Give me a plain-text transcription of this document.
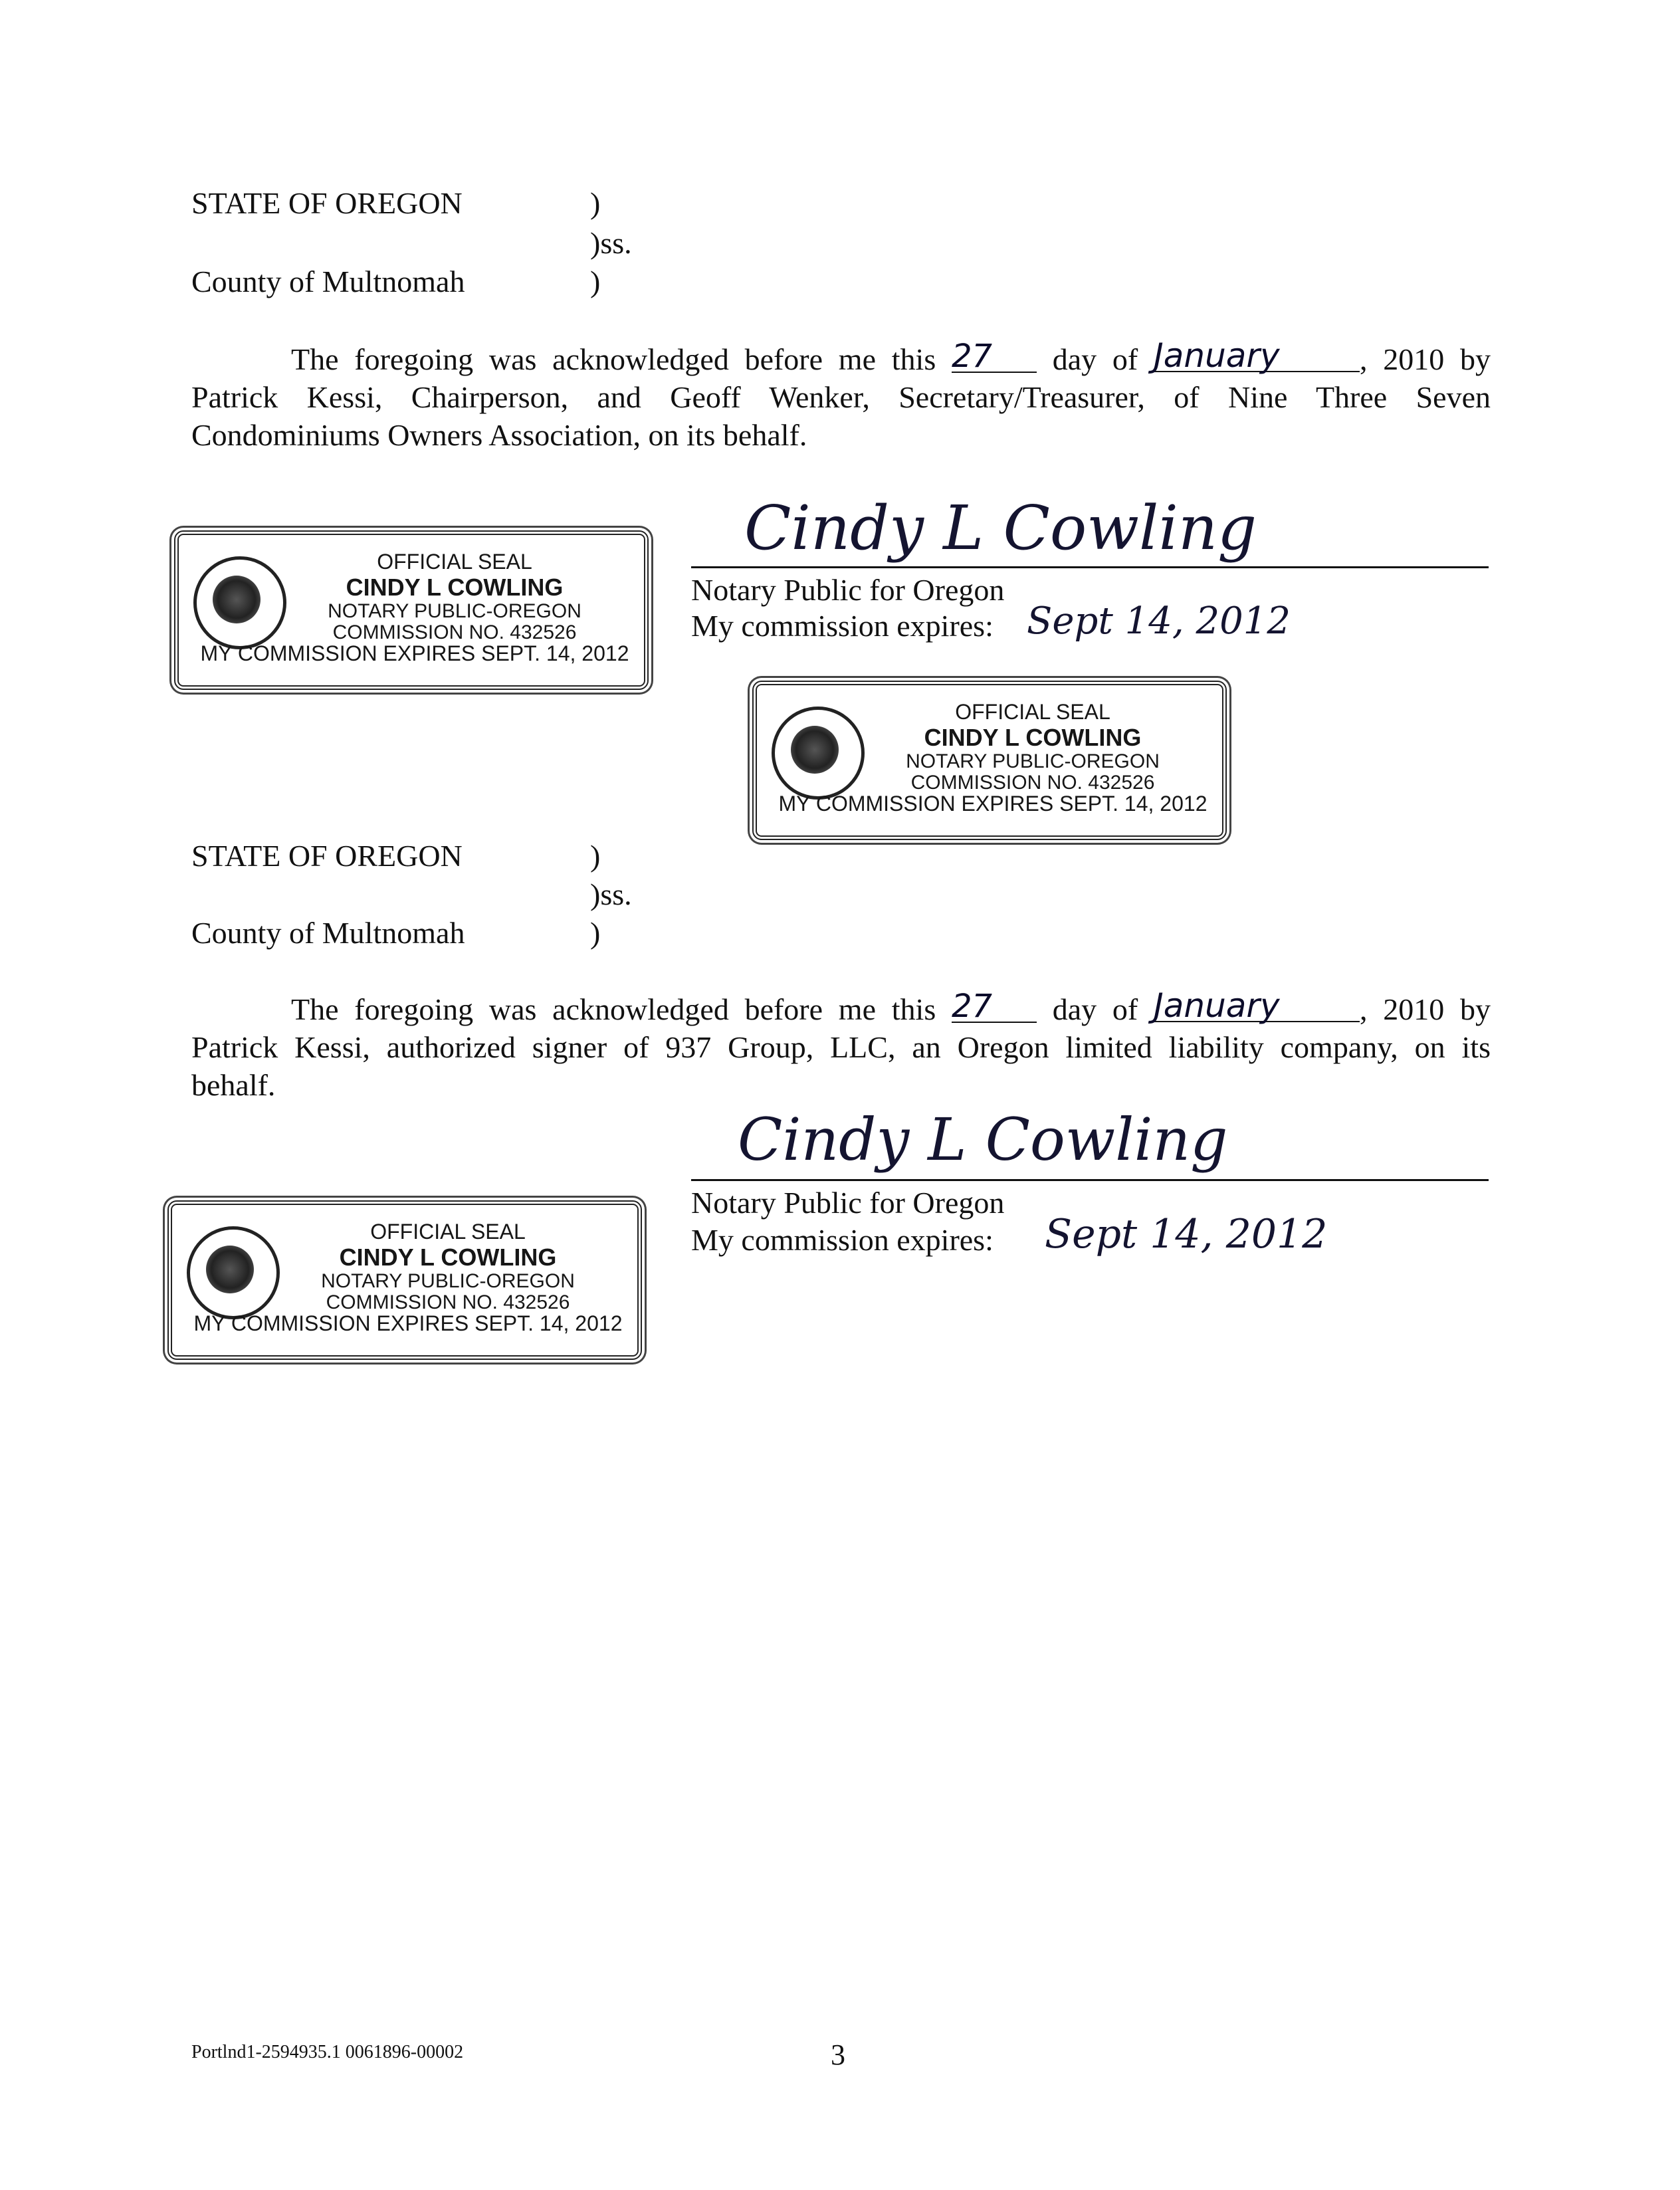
STATE OF OREGON	)
)ss.
County of Multnomah	)
The foregoing was acknowledged before me this 27 day of January	, 2010 by
Patrick Kessi, Chairperson, and Geoff Wenker, Secretary/Treasurer, of Nine Three Seven
Condominiums Owners Association, on its behalf.
OFFICIAL SEAL
CINDY L COWLING
NOTARY PUBLIC-OREGON
COMMISSION NO. 432526
MY COMMISSION EXPIRES SEPT. 14, 2012
Cindy L Cowling
Notary Public for Oregon
My commission expires: Sept 14, 2012
OFFICIAL SEAL
CINDY L COWLING
NOTARY PUBLIC-OREGON
COMMISSION NO. 432526
MY COMMISSION EXPIRES SEPT. 14, 2012
STATE OF OREGON	)
)ss.
County of Multnomah	)
The foregoing was acknowledged before me this 27 day of January	, 2010 by
Patrick Kessi, authorized signer of 937 Group, LLC, an Oregon limited liability company, on its
behalf.
Cindy L Cowling
Notary Public for Oregon
My commission expires: Sept 14, 2012
OFFICIAL SEAL
CINDY L COWLING
NOTARY PUBLIC-OREGON
COMMISSION NO. 432526
MY COMMISSION EXPIRES SEPT. 14, 2012
Portlnd1-2594935.1 0061896-00002	3
